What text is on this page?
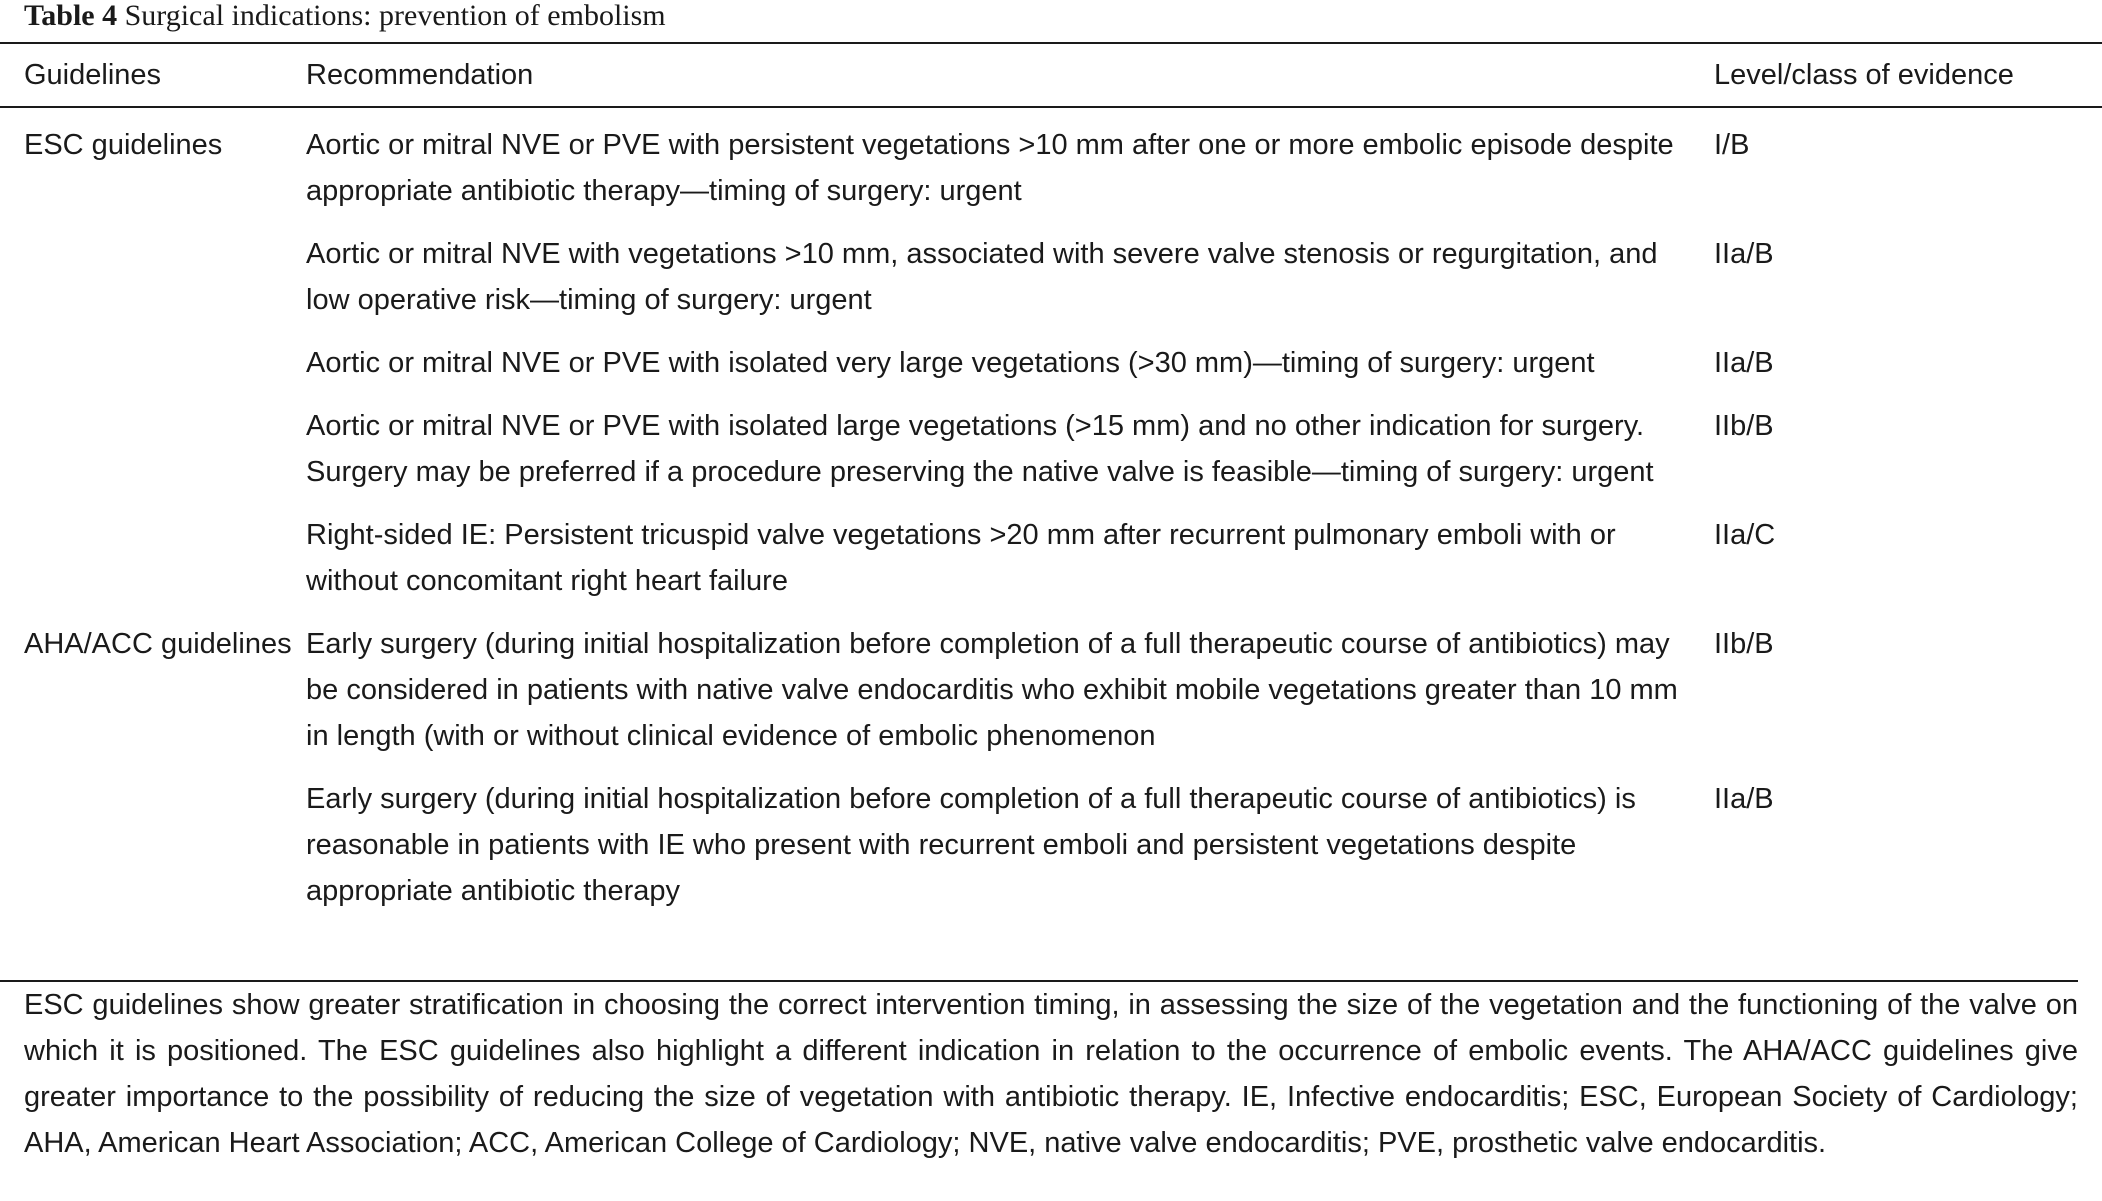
Table 4 Surgical indications: prevention of embolism
Guidelines	Recommendation	Level/class of evidence
ESC guidelines	Aortic or mitral NVE or PVE with persistent vegetations >10 mm after one or more embolic episode despite appropriate antibiotic therapy—timing of surgery: urgent	I/B
	Aortic or mitral NVE with vegetations >10 mm, associated with severe valve stenosis or regurgitation, and low operative risk—timing of surgery: urgent	IIa/B
	Aortic or mitral NVE or PVE with isolated very large vegetations (>30 mm)—timing of surgery: urgent	IIa/B
	Aortic or mitral NVE or PVE with isolated large vegetations (>15 mm) and no other indication for surgery. Surgery may be preferred if a procedure preserving the native valve is feasible—timing of surgery: urgent	IIb/B
	Right-sided IE: Persistent tricuspid valve vegetations >20 mm after recurrent pulmonary emboli with or without concomitant right heart failure	IIa/C
AHA/ACC guidelines	Early surgery (during initial hospitalization before completion of a full therapeutic course of antibiotics) may be considered in patients with native valve endocarditis who exhibit mobile vegetations greater than 10 mm in length (with or without clinical evidence of embolic phenomenon	IIb/B
	Early surgery (during initial hospitalization before completion of a full therapeutic course of antibiotics) is reasonable in patients with IE who present with recurrent emboli and persistent vegetations despite appropriate antibiotic therapy	IIa/B
ESC guidelines show greater stratification in choosing the correct intervention timing, in assessing the size of the vegetation and the functioning of the valve on which it is positioned. The ESC guidelines also highlight a different indication in relation to the occurrence of embolic events. The AHA/ACC guidelines give greater importance to the possibility of reducing the size of vegetation with antibiotic therapy. IE, Infective endocarditis; ESC, European Society of Cardiology; AHA, American Heart Association; ACC, American College of Cardiology; NVE, native valve endocarditis; PVE, prosthetic valve endocarditis.
